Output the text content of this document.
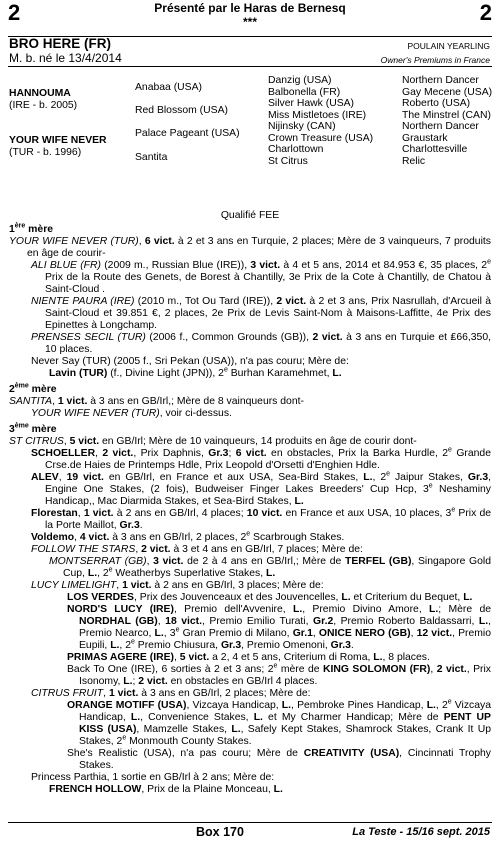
2	2
Présenté par le Haras de Bernesq
***
BRO HERE (FR)
M. b. né le 13/4/2014
POULAIN YEARLING
Owner's Premiums in France
HANNOUMA
(IRE - b. 2005)
YOUR WIFE NEVER
(TUR - b. 1996)
Anabaa (USA)
Red Blossom (USA)
Palace Pageant (USA)
Santita
Danzig (USA)
Balbonella (FR)
Silver Hawk (USA)
Miss Mistletoes (IRE)
Nijinsky (CAN)
Crown Treasure (USA)
Charlottown
St Citrus
Northern Dancer
Gay Mecene (USA)
Roberto (USA)
The Minstrel (CAN)
Northern Dancer
Graustark
Charlottesville
Relic
Qualifié FEE
1ère mère

YOUR WIFE NEVER (TUR), 6 vict. à 2 et 3 ans en Turquie, 2 places; Mère de 3 vainqueurs, 7 produits en âge de courir-

ALI BLUE (FR) (2009 m., Russian Blue (IRE)), 3 vict. à 4 et 5 ans, 2014 et 84.953 €, 35 places, 2e Prix de la Route des Genets, de Borest à Chantilly, 3e Prix de la Cote à Chantilly, de Chatou à Saint-Cloud .

NIENTE PAURA (IRE) (2010 m., Tot Ou Tard (IRE)), 2 vict. à 2 et 3 ans, Prix Nasrullah, d'Arcueil à Saint-Cloud et 39.851 €, 2 places, 2e Prix de Levis Saint-Nom à Maisons-Laffitte, 4e Prix des Epinettes à Longchamp.

PRENSES SECIL (TUR) (2006 f., Common Grounds (GB)), 2 vict. à 3 ans en Turquie et ₤66,350, 10 places.

Never Say (TUR) (2005 f., Sri Pekan (USA)), n'a pas couru; Mère de:

Lavin (TUR) (f., Divine Light (JPN)), 2e Burhan Karamehmet, L.

2ème mère

SANTITA, 1 vict. à 3 ans en GB/Irl,; Mère de 8 vainqueurs dont-

YOUR WIFE NEVER (TUR), voir ci-dessus.

3ème mère

ST CITRUS, 5 vict. en GB/Irl; Mère de 10 vainqueurs, 14 produits en âge de courir dont-

SCHOELLER, 2 vict., Prix Daphnis, Gr.3; 6 vict. en obstacles, Prix la Barka Hurdle, 2e Grande Crse.de Haies de Printemps Hdle, Prix Leopold d'Orsetti d'Enghien Hdle.

ALEV, 19 vict. en GB/Irl, en France et aux USA, Sea-Bird Stakes, L., 2e Jaipur Stakes, Gr.3, Engine One Stakes, (2 fois), Budweiser Finger Lakes Breeders' Cup Hcp, 3e Neshaminy Handicap,, Mac Diarmida Stakes, et Sea-Bird Stakes, L.

Florestan, 1 vict. à 2 ans en GB/Irl, 4 places; 10 vict. en France et aux USA, 10 places, 3e Prix de la Porte Maillot, Gr.3.

Voldemo, 4 vict. à 3 ans en GB/Irl, 2 places, 2e Scarbrough Stakes.

FOLLOW THE STARS, 2 vict. à 3 et 4 ans en GB/Irl, 7 places; Mère de:

MONTSERRAT (GB), 3 vict. de 2 à 4 ans en GB/Irl,; Mère de TERFEL (GB), Singapore Gold Cup, L., 2e Weatherbys Superlative Stakes, L.

LUCY LIMELIGHT, 1 vict. à 2 ans en GB/Irl, 3 places; Mère de:

LOS VERDES, Prix des Jouvenceaux et des Jouvencelles, L. et Criterium du Bequet, L.

NORD'S LUCY (IRE), Premio dell'Avvenire, L., Premio Divino Amore, L.; Mère de NORDHAL (GB), 18 vict., Premio Emilio Turati, Gr.2, Premio Roberto Baldassarri, L., Premio Nearco, L., 3e Gran Premio di Milano, Gr.1, ONICE NERO (GB), 12 vict., Premio Eupili, L., 2e Premio Chiusura, Gr.3, Premio Omenoni, Gr.3.

PRIMAS AGERE (IRE), 5 vict. a 2, 4 et 5 ans, Criterium di Roma, L., 8 places.

Back To One (IRE), 6 sorties à 2 et 3 ans; 2e mère de KING SOLOMON (FR), 2 vict., Prix Isonomy, L.; 2 vict. en obstacles en GB/Irl 4 places.

CITRUS FRUIT, 1 vict. à 3 ans en GB/Irl, 2 places; Mère de:

ORANGE MOTIFF (USA), Vizcaya Handicap, L., Pembroke Pines Handicap, L., 2e Vizcaya Handicap, L., Convenience Stakes, L. et My Charmer Handicap; Mère de PENT UP KISS (USA), Mamzelle Stakes, L., Safely Kept Stakes, Shamrock Stakes, Crank It Up Stakes, 2e Monmouth County Stakes.

She's Realistic (USA), n'a pas couru; Mère de CREATIVITY (USA), Cincinnati Trophy Stakes.

Princess Parthia, 1 sortie en GB/Irl à 2 ans; Mère de:

FRENCH HOLLOW, Prix de la Plaine Monceau, L.

Box 170	La Teste - 15/16 sept. 2015
